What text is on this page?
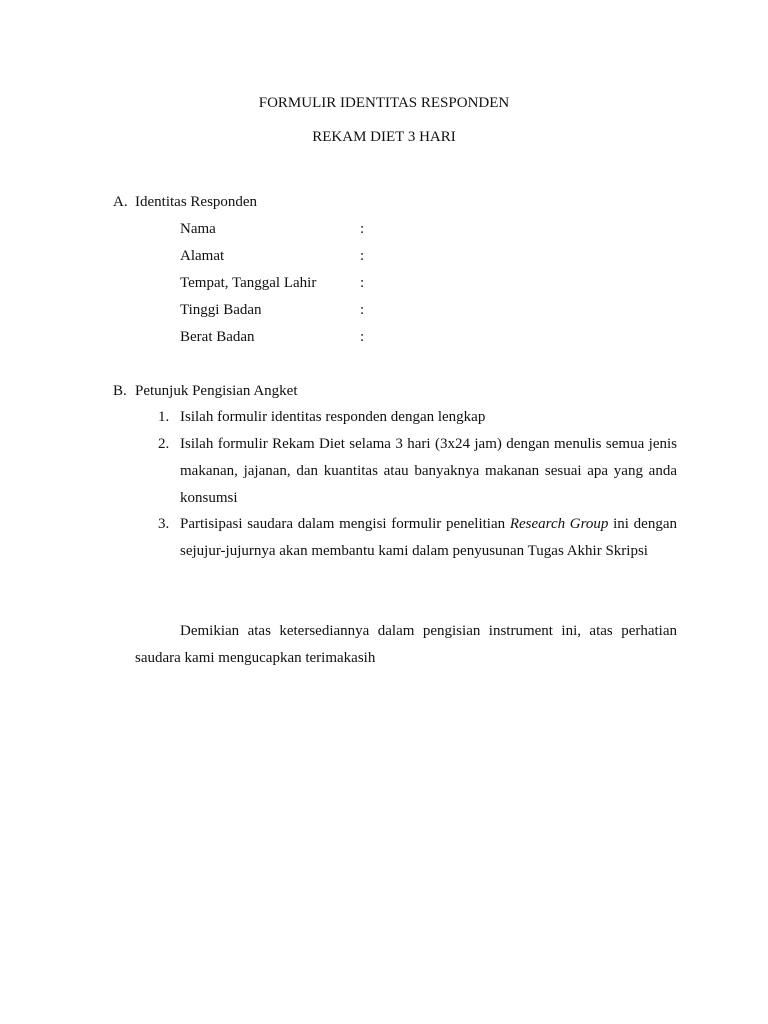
FORMULIR IDENTITAS RESPONDEN
REKAM DIET 3 HARI
A. Identitas Responden
Nama	:
Alamat	:
Tempat, Tanggal Lahir	:
Tinggi Badan	:
Berat Badan	:
B. Petunjuk Pengisian Angket
1. Isilah formulir identitas responden dengan lengkap
2. Isilah formulir Rekam Diet selama 3 hari (3x24 jam) dengan menulis semua jenis
makanan, jajanan, dan kuantitas atau banyaknya makanan sesuai apa yang anda
konsumsi
3. Partisipasi saudara dalam mengisi formulir penelitian Research Group ini dengan
sejujur-jujurnya akan membantu kami dalam penyusunan Tugas Akhir Skripsi
Demikian atas ketersediannya dalam pengisian instrument ini, atas perhatian
saudara kami mengucapkan terimakasih
